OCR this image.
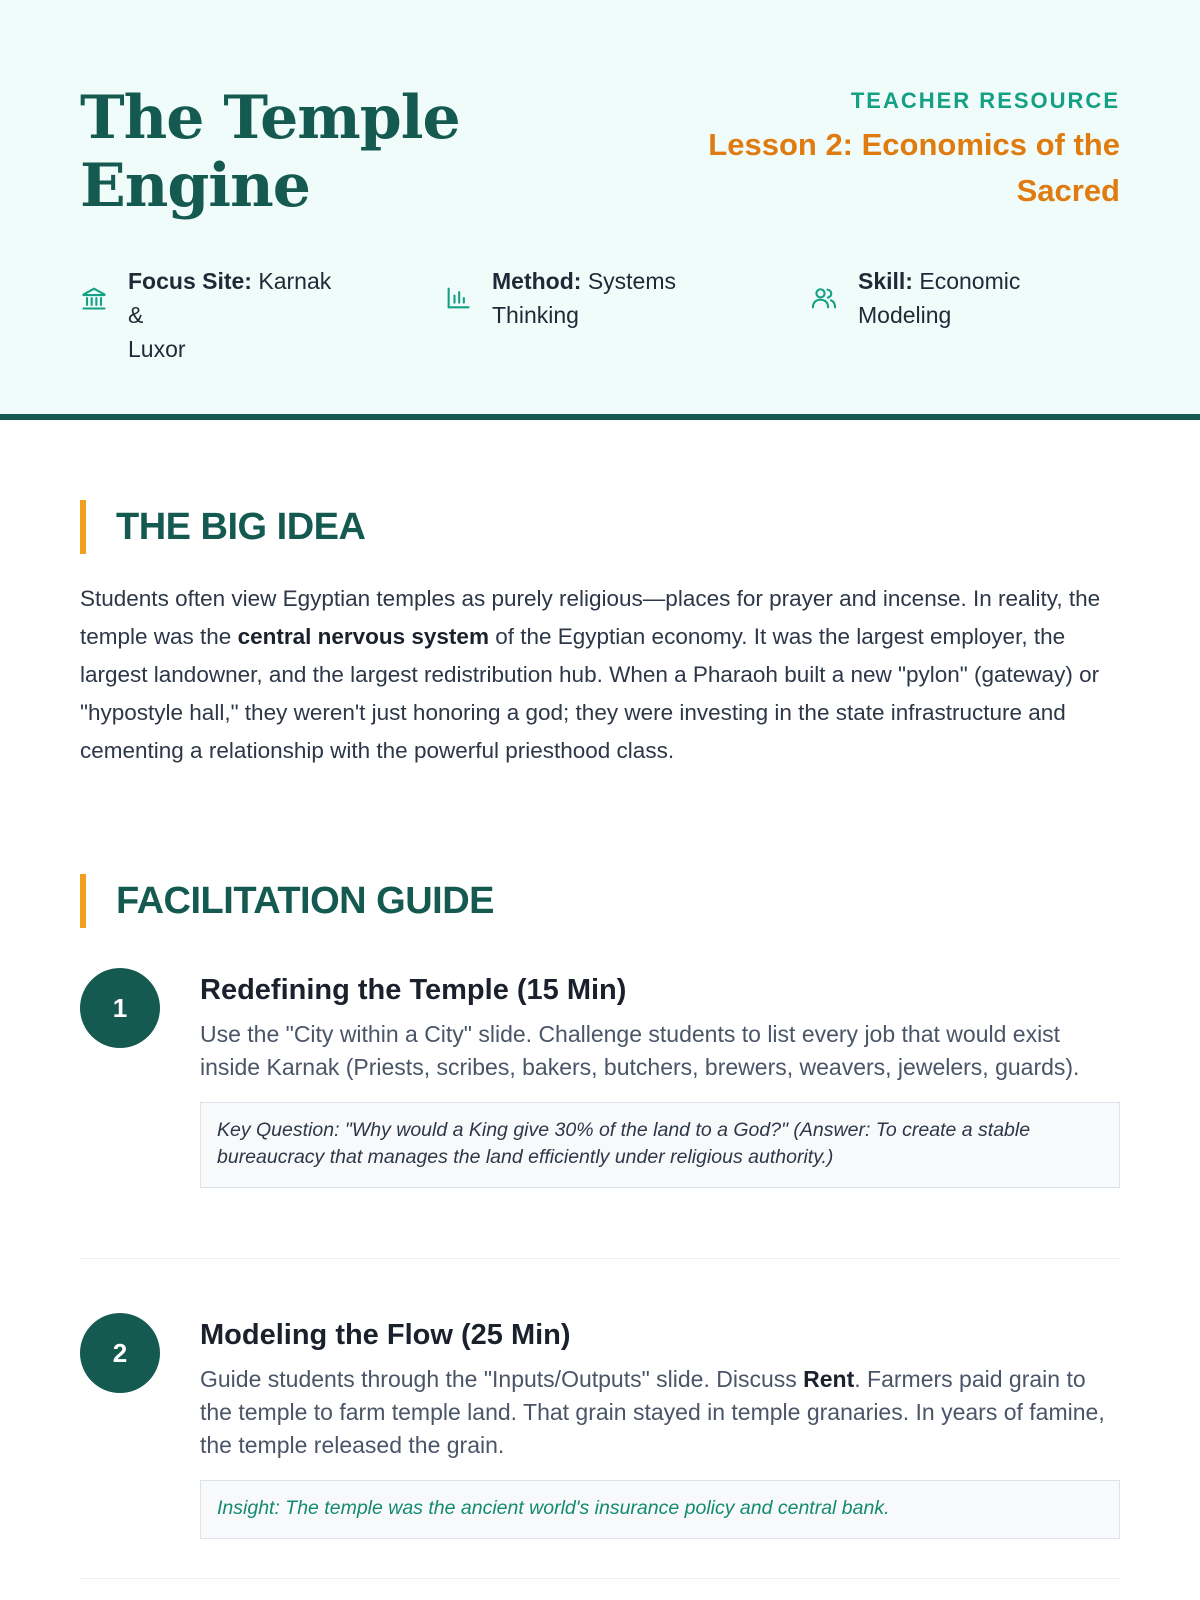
The Temple
Engine
TEACHER RESOURCE
Lesson 2: Economics of the
Sacred
Focus Site: Karnak &
Luxor
Method: Systems
Thinking
Skill: Economic
Modeling
THE BIG IDEA

Students often view Egyptian temples as purely religious—places for prayer and incense. In reality, the temple was the central nervous system of the Egyptian economy. It was the largest employer, the largest landowner, and the largest redistribution hub. When a Pharaoh built a new "pylon" (gateway) or "hypostyle hall," they weren't just honoring a god; they were investing in the state infrastructure and cementing a relationship with the powerful priesthood class.

FACILITATION GUIDE
1
Redefining the Temple (15 Min)

Use the "City within a City" slide. Challenge students to list every job that would exist inside Karnak (Priests, scribes, bakers, butchers, brewers, weavers, jewelers, guards).

Key Question: "Why would a King give 30% of the land to a God?" (Answer: To create a stable bureaucracy that manages the land efficiently under religious authority.)
2
Modeling the Flow (25 Min)

Guide students through the "Inputs/Outputs" slide. Discuss Rent. Farmers paid grain to the temple to farm temple land. That grain stayed in temple granaries. In years of famine, the temple released the grain.

Insight: The temple was the ancient world's insurance policy and central bank.
